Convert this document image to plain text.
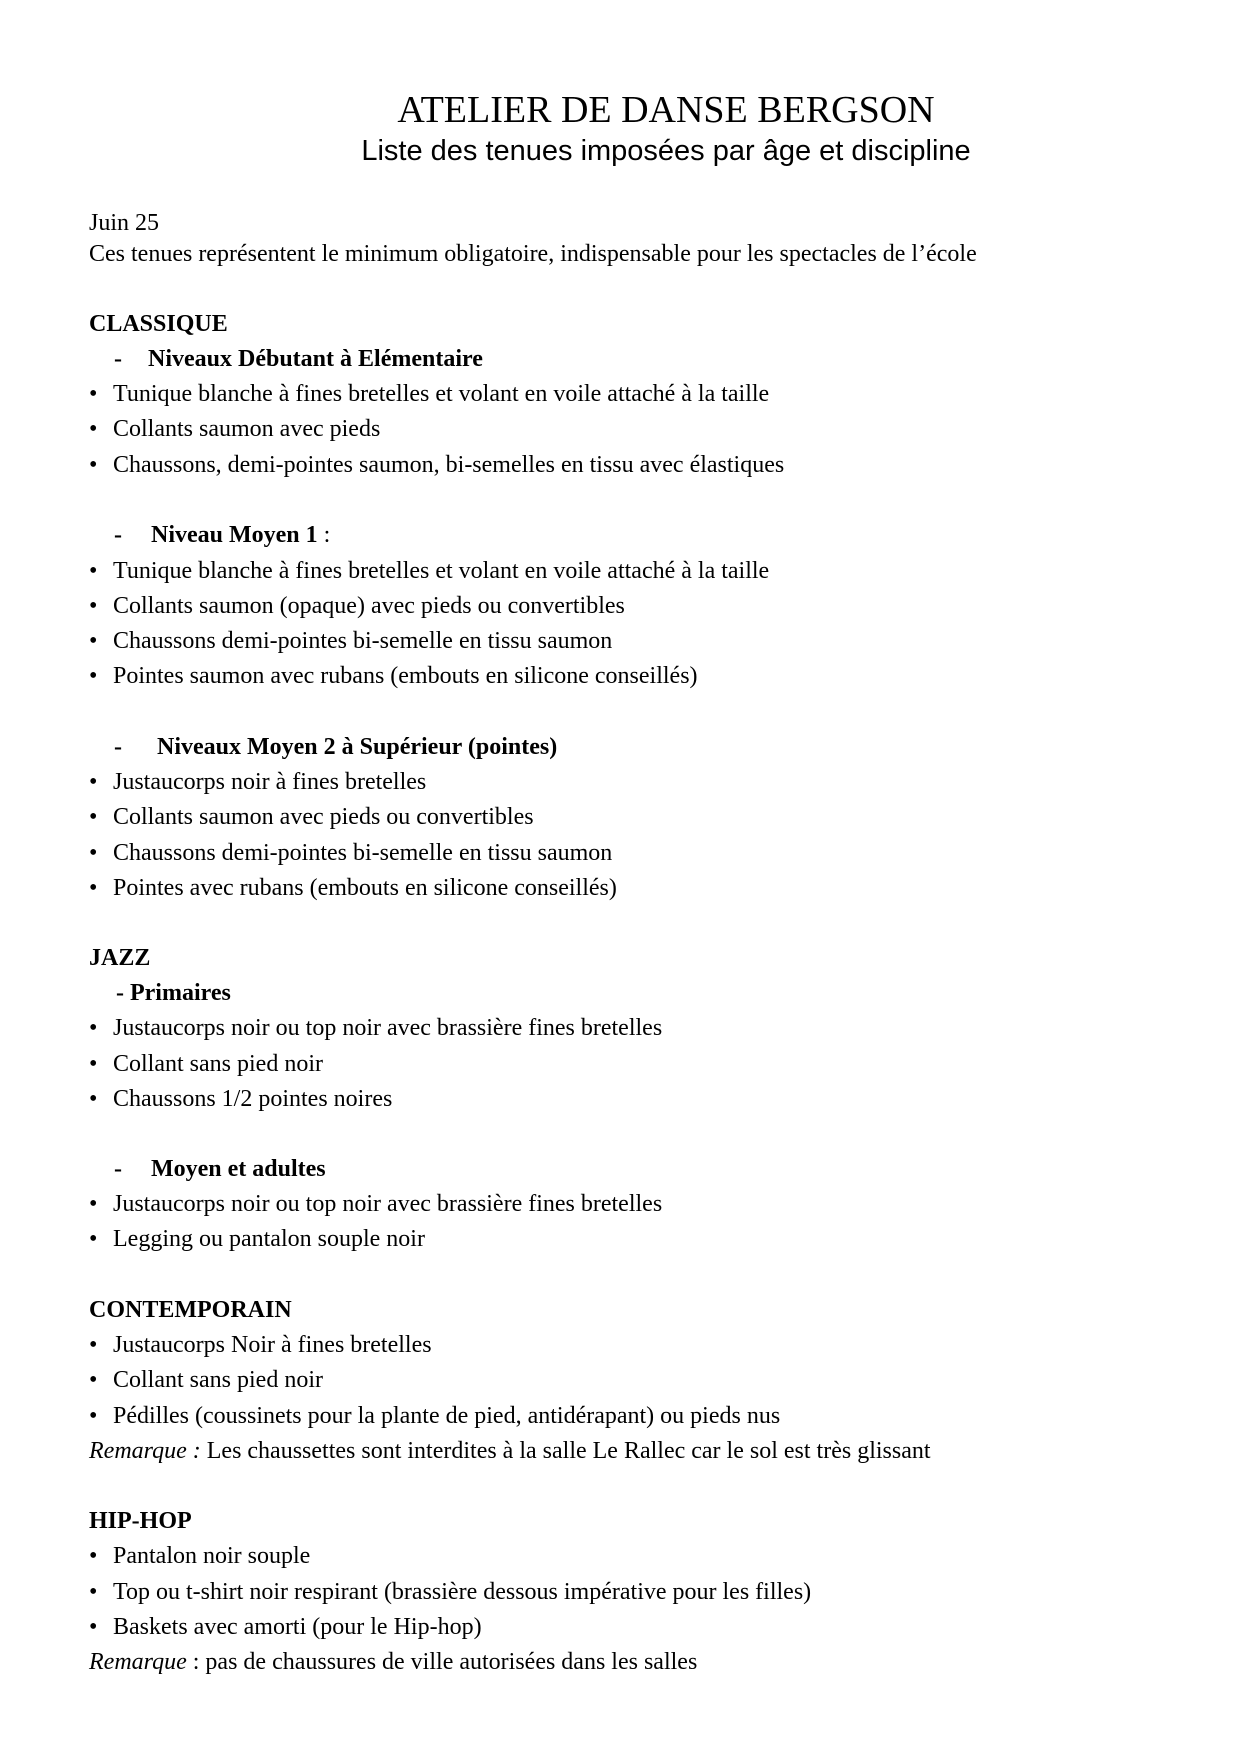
ATELIER DE DANSE BERGSON
Liste des tenues imposées par âge et discipline
Juin 25
Ces tenues représentent le minimum obligatoire, indispensable pour les spectacles de l’école
CLASSIQUE
- Niveaux Débutant à Elémentaire
• Tunique blanche à fines bretelles et volant en voile attaché à la taille
• Collants saumon avec pieds
• Chaussons, demi-pointes saumon, bi-semelles en tissu avec élastiques
- Niveau Moyen 1 :
• Tunique blanche à fines bretelles et volant en voile attaché à la taille
• Collants saumon (opaque) avec pieds ou convertibles
• Chaussons demi-pointes bi-semelle en tissu saumon
• Pointes saumon avec rubans (embouts en silicone conseillés)
- Niveaux Moyen 2 à Supérieur (pointes)
• Justaucorps noir à fines bretelles
• Collants saumon avec pieds ou convertibles
• Chaussons demi-pointes bi-semelle en tissu saumon
• Pointes avec rubans (embouts en silicone conseillés)
JAZZ
- Primaires
• Justaucorps noir ou top noir avec brassière fines bretelles
• Collant sans pied noir
• Chaussons 1/2 pointes noires
- Moyen et adultes
• Justaucorps noir ou top noir avec brassière fines bretelles
• Legging ou pantalon souple noir
CONTEMPORAIN
• Justaucorps Noir à fines bretelles
• Collant sans pied noir
• Pédilles (coussinets pour la plante de pied, antidérapant) ou pieds nus
Remarque : Les chaussettes sont interdites à la salle Le Rallec car le sol est très glissant
HIP-HOP
• Pantalon noir souple
• Top ou t-shirt noir respirant (brassière dessous impérative pour les filles)
• Baskets avec amorti (pour le Hip-hop)
Remarque : pas de chaussures de ville autorisées dans les salles
